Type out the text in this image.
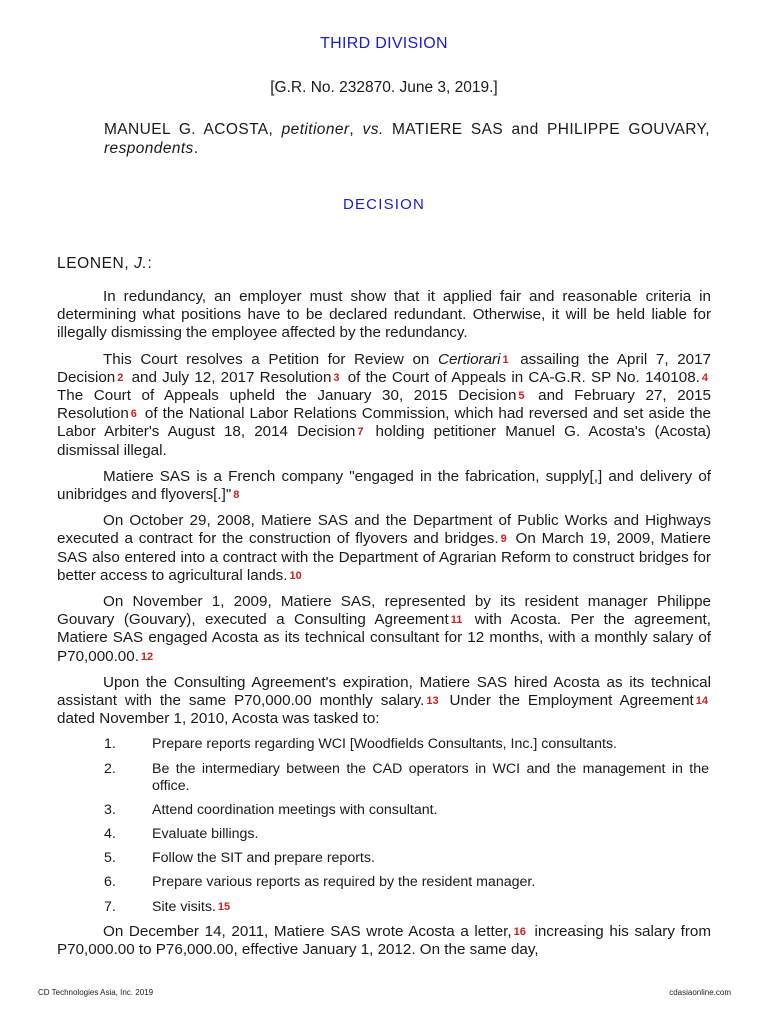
THIRD DIVISION
[G.R. No. 232870. June 3, 2019.]
MANUEL G. ACOSTA, petitioner, vs. MATIERE SAS and PHILIPPE GOUVARY, respondents.
DECISION
LEONEN, J.:

In redundancy, an employer must show that it applied fair and reasonable criteria in determining what positions have to be declared redundant. Otherwise, it will be held liable for illegally dismissing the employee affected by the redundancy.

This Court resolves a Petition for Review on Certiorari $^1$ assailing the April 7, 2017 Decision $^2$ and July 12, 2017 Resolution $^3$ of the Court of Appeals in CA-G.R. SP No. 140108. $^4$ The Court of Appeals upheld the January 30, 2015 Decision $^5$ and February 27, 2015 Resolution $^6$ of the National Labor Relations Commission, which had reversed and set aside the Labor Arbiter's August 18, 2014 Decision $^7$ holding petitioner Manuel G. Acosta's (Acosta) dismissal illegal.

Matiere SAS is a French company "engaged in the fabrication, supply[,] and delivery of unibridges and flyovers[.]" $^8$

On October 29, 2008, Matiere SAS and the Department of Public Works and Highways executed a contract for the construction of flyovers and bridges. $^9$ On March 19, 2009, Matiere SAS also entered into a contract with the Department of Agrarian Reform to construct bridges for better access to agricultural lands. $^{10}$

On November 1, 2009, Matiere SAS, represented by its resident manager Philippe Gouvary (Gouvary), executed a Consulting Agreement $^{11}$ with Acosta. Per the agreement, Matiere SAS engaged Acosta as its technical consultant for 12 months, with a monthly salary of P70,000.00. $^{12}$

Upon the Consulting Agreement's expiration, Matiere SAS hired Acosta as its technical assistant with the same P70,000.00 monthly salary. $^{13}$ Under the Employment Agreement $^{14}$ dated November 1, 2010, Acosta was tasked to:

1.	Prepare reports regarding WCI [Woodfields Consultants, Inc.] consultants.
2.	Be the intermediary between the CAD operators in WCI and the management in the office.
3.	Attend coordination meetings with consultant.
4.	Evaluate billings.
5.	Follow the SIT and prepare reports.
6.	Prepare various reports as required by the resident manager.
7.	Site visits. $^{15}$

On December 14, 2011, Matiere SAS wrote Acosta a letter, $^{16}$ increasing his salary from P70,000.00 to P76,000.00, effective January 1, 2012. On the same day,

CD Technologies Asia, Inc. 2019	cdasiaonline.com
